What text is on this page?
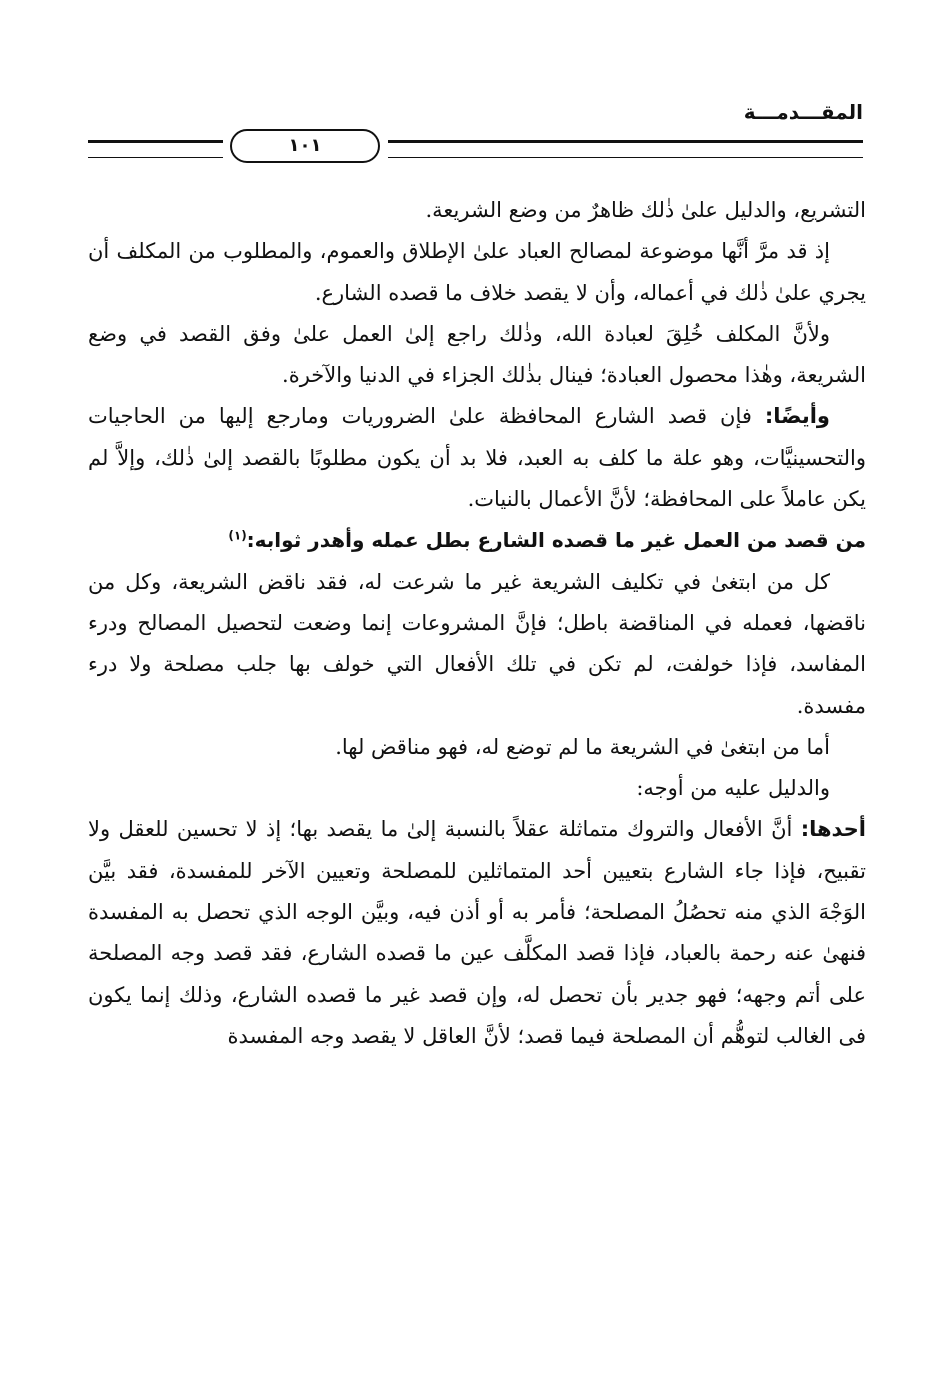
المقـــدمـــة
١٠١

التشريع، والدليل علىٰ ذٰلك ظاهرٌ من وضع الشريعة.

إذ قد مرَّ أنَّها موضوعة لمصالح العباد علىٰ الإطلاق والعموم، والمطلوب من المكلف أن يجري علىٰ ذٰلك في أعماله، وأن لا يقصد خلاف ما قصده الشارع.

ولأنَّ المكلف خُلِقَ لعبادة الله، وذٰلك راجع إلىٰ العمل علىٰ وفق القصد في وضع الشريعة، وهٰذا محصول العبادة؛ فينال بذٰلك الجزاء في الدنيا والآخرة.

وأيضًا: فإن قصد الشارع المحافظة علىٰ الضروريات ومارجع إليها من الحاجيات والتحسينيَّات، وهو علة ما كلف به العبد، فلا بد أن يكون مطلوبًا بالقصد إلىٰ ذٰلك، وإلاَّ لم يكن عاملاً على المحافظة؛ لأنَّ الأعمال بالنيات.

من قصد من العمل غير ما قصده الشارع بطل عمله وأهدر ثوابه:$^{(١)}$

كل من ابتغىٰ في تكليف الشريعة غير ما شرعت له، فقد ناقض الشريعة، وكل من ناقضها، فعمله في المناقضة باطل؛ فإنَّ المشروعات إنما وضعت لتحصيل المصالح ودرء المفاسد، فإذا خولفت، لم تكن في تلك الأفعال التي خولف بها جلب مصلحة ولا درء مفسدة.

أما من ابتغىٰ في الشريعة ما لم توضع له، فهو مناقض لها.

والدليل عليه من أوجه:

أحدها: أنَّ الأفعال والتروك متماثلة عقلاً بالنسبة إلىٰ ما يقصد بها؛ إذ لا تحسين للعقل ولا تقبيح، فإذا جاء الشارع بتعيين أحد المتماثلين للمصلحة وتعيين الآخر للمفسدة، فقد بيَّن الوَجْهَ الذي منه تحصُلُ المصلحة؛ فأمر به أو أذن فيه، وبيَّن الوجه الذي تحصل به المفسدة فنهىٰ عنه رحمة بالعباد، فإذا قصد المكلَّف عين ما قصده الشارع، فقد قصد وجه المصلحة على أتم وجهه؛ فهو جدير بأن تحصل له، وإن قصد غير ما قصده الشارع، وذلك إنما يكون فى الغالب لتوهُّم أن المصلحة فيما قصد؛ لأنَّ العاقل لا يقصد وجه المفسدة
